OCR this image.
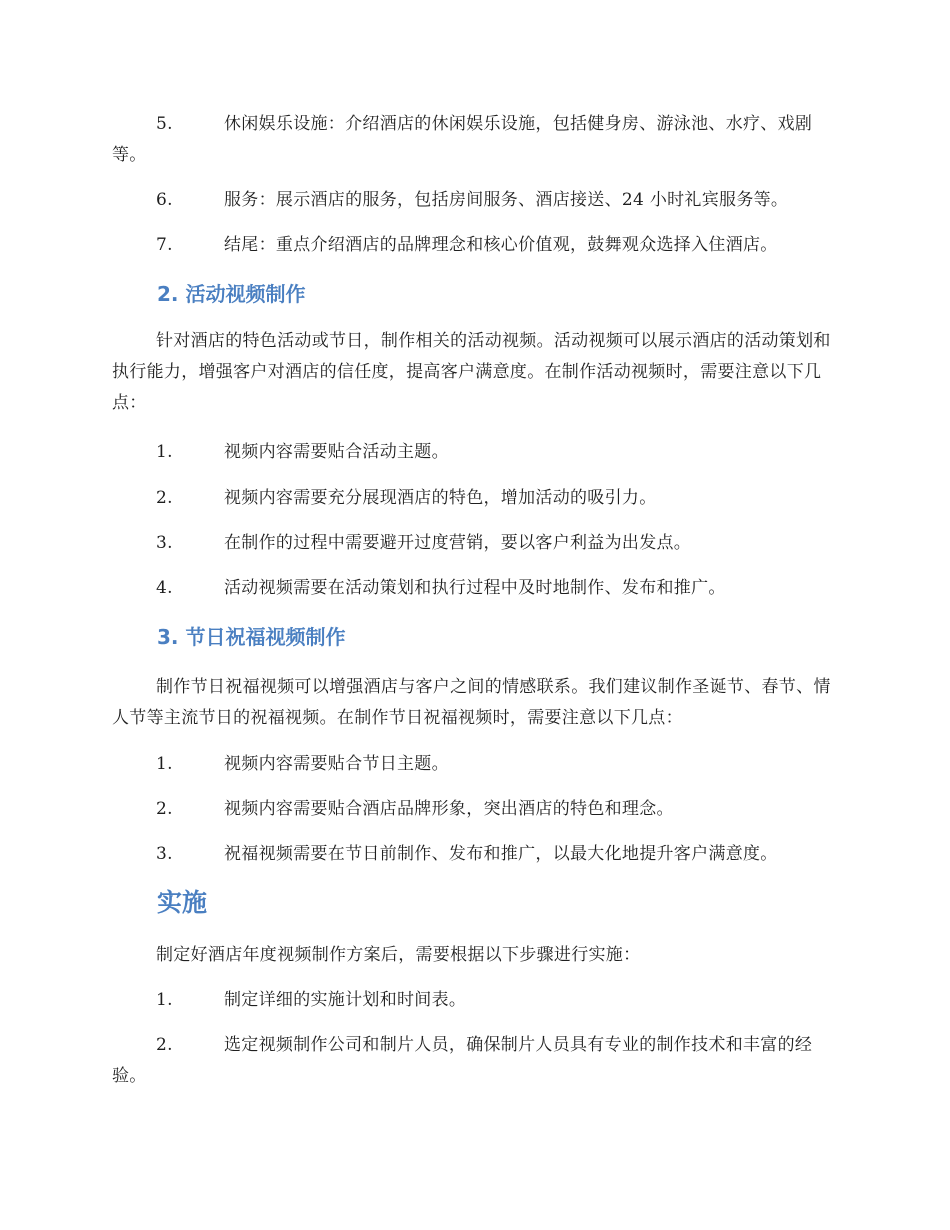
5.	休闲娱乐设施：介绍酒店的休闲娱乐设施，包括健身房、游泳池、水疗、戏剧等。

6.	服务：展示酒店的服务，包括房间服务、酒店接送、24 小时礼宾服务等。

7.	结尾：重点介绍酒店的品牌理念和核心价值观，鼓舞观众选择入住酒店。

2. 活动视频制作

针对酒店的特色活动或节日，制作相关的活动视频。活动视频可以展示酒店的活动策划和执行能力，增强客户对酒店的信任度，提高客户满意度。在制作活动视频时，需要注意以下几点：

1.	视频内容需要贴合活动主题。

2.	视频内容需要充分展现酒店的特色，增加活动的吸引力。

3.	在制作的过程中需要避开过度营销，要以客户利益为出发点。

4.	活动视频需要在活动策划和执行过程中及时地制作、发布和推广。

3. 节日祝福视频制作

制作节日祝福视频可以增强酒店与客户之间的情感联系。我们建议制作圣诞节、春节、情人节等主流节日的祝福视频。在制作节日祝福视频时，需要注意以下几点：

1.	视频内容需要贴合节日主题。

2.	视频内容需要贴合酒店品牌形象，突出酒店的特色和理念。

3.	祝福视频需要在节日前制作、发布和推广，以最大化地提升客户满意度。

实施

制定好酒店年度视频制作方案后，需要根据以下步骤进行实施：

1.	制定详细的实施计划和时间表。

2.	选定视频制作公司和制片人员，确保制片人员具有专业的制作技术和丰富的经验。
